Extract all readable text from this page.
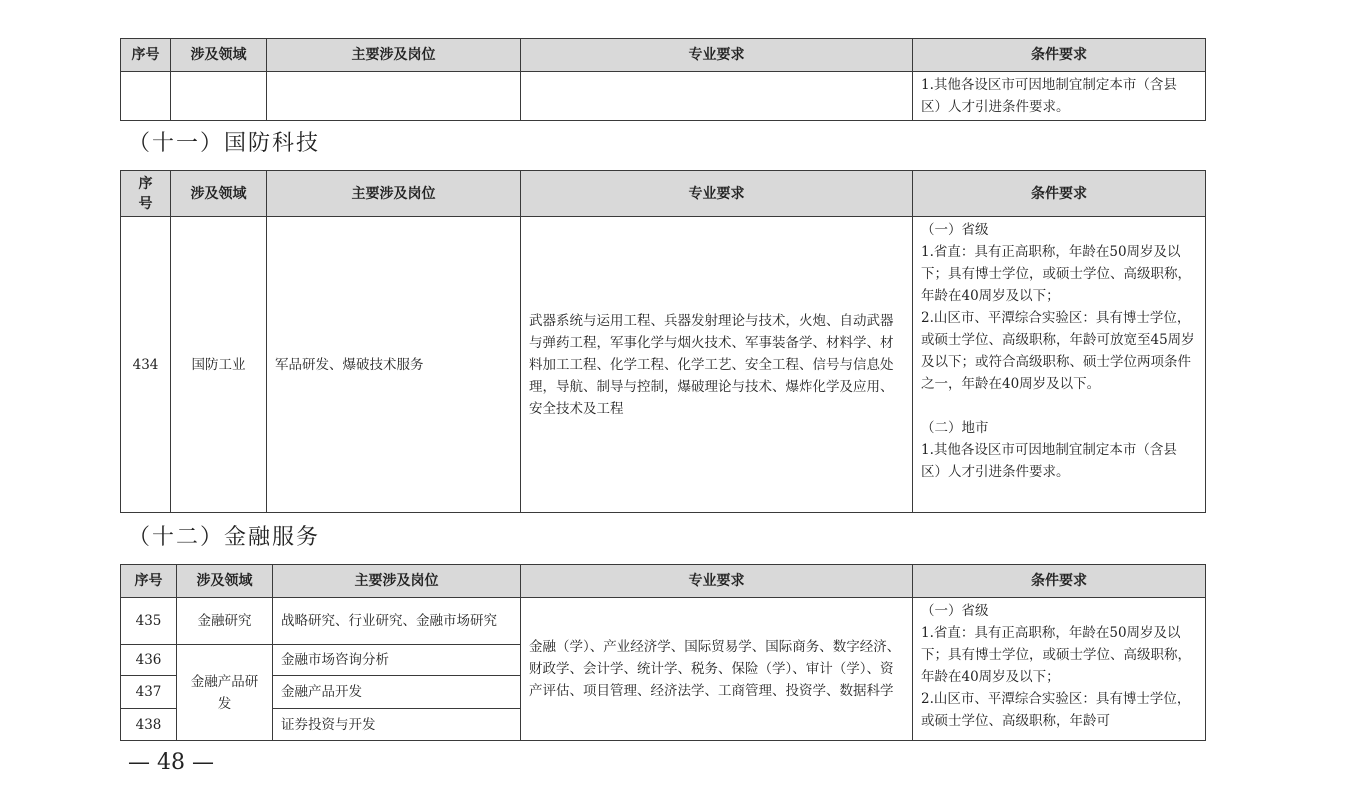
序号	涉及领域	主要涉及岗位	专业要求	条件要求
				1.其他各设区市可因地制宜制定本市（含县区）人才引进条件要求。
（十一）国防科技
序号	涉及领域	主要涉及岗位	专业要求	条件要求
434	国防工业	军品研发、爆破技术服务	武器系统与运用工程、兵器发射理论与技术，火炮、自动武器与弹药工程，军事化学与烟火技术、军事装备学、材料学、材料加工工程、化学工程、化学工艺、安全工程、信号与信息处理，导航、制导与控制，爆破理论与技术、爆炸化学及应用、安全技术及工程	（一）省级
1.省直：具有正高职称，年龄在50周岁及以下；具有博士学位，或硕士学位、高级职称，年龄在40周岁及以下；
2.山区市、平潭综合实验区：具有博士学位，或硕士学位、高级职称，年龄可放宽至45周岁及以下；或符合高级职称、硕士学位两项条件之一，年龄在40周岁及以下。

（二）地市
1.其他各设区市可因地制宜制定本市（含县区）人才引进条件要求。
（十二）金融服务
序号	涉及领域	主要涉及岗位	专业要求	条件要求
435	金融研究	战略研究、行业研究、金融市场研究	金融（学）、产业经济学、国际贸易学、国际商务、数字经济、财政学、会计学、统计学、税务、保险（学）、审计（学）、资产评估、项目管理、经济法学、工商管理、投资学、数据科学	（一）省级
1.省直：具有正高职称，年龄在50周岁及以下；具有博士学位，或硕士学位、高级职称，年龄在40周岁及以下；
2.山区市、平潭综合实验区：具有博士学位，或硕士学位、高级职称，年龄可
436	金融产品研发	金融市场咨询分析		
437		金融产品开发		
438		证券投资与开发		
— 48 —
